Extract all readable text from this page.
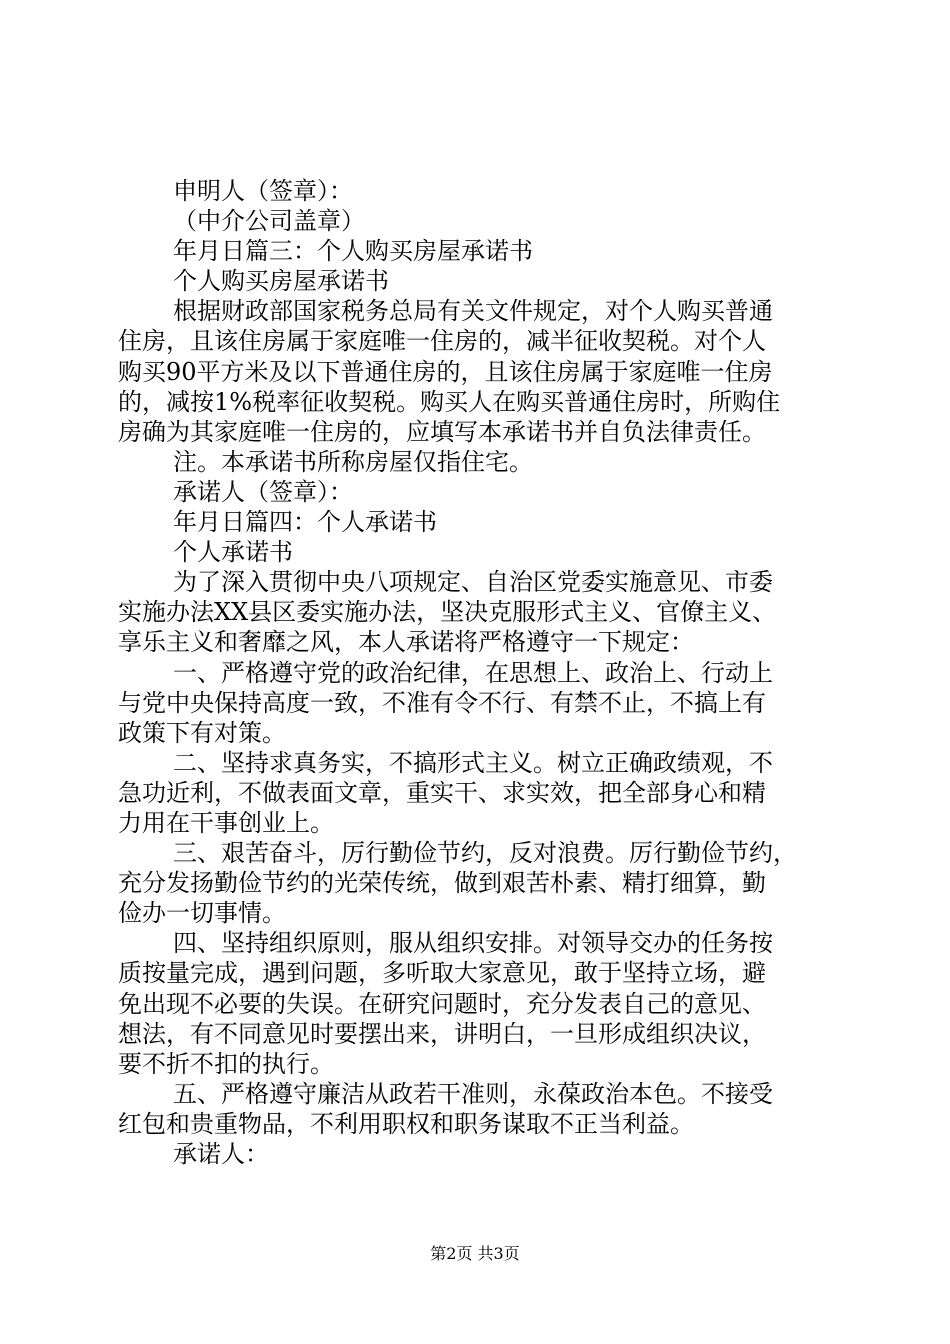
申明人（签章）：
（中介公司盖章）
年月日篇三：个人购买房屋承诺书
个人购买房屋承诺书
根据财政部国家税务总局有关文件规定，对个人购买普通
住房，且该住房属于家庭唯一住房的，减半征收契税。对个人
购买90平方米及以下普通住房的，且该住房属于家庭唯一住房
的，减按1%税率征收契税。购买人在购买普通住房时，所购住
房确为其家庭唯一住房的，应填写本承诺书并自负法律责任。
注。本承诺书所称房屋仅指住宅。
承诺人（签章）：
年月日篇四：个人承诺书
个人承诺书
为了深入贯彻中央八项规定、自治区党委实施意见、市委
实施办法XX县区委实施办法，坚决克服形式主义、官僚主义、
享乐主义和奢靡之风，本人承诺将严格遵守一下规定：
一、严格遵守党的政治纪律，在思想上、政治上、行动上
与党中央保持高度一致，不准有令不行、有禁不止，不搞上有
政策下有对策。
二、坚持求真务实，不搞形式主义。树立正确政绩观，不
急功近利，不做表面文章，重实干、求实效，把全部身心和精
力用在干事创业上。
三、艰苦奋斗，厉行勤俭节约，反对浪费。厉行勤俭节约，
充分发扬勤俭节约的光荣传统，做到艰苦朴素、精打细算，勤
俭办一切事情。
四、坚持组织原则，服从组织安排。对领导交办的任务按
质按量完成，遇到问题，多听取大家意见，敢于坚持立场，避
免出现不必要的失误。在研究问题时，充分发表自己的意见、
想法，有不同意见时要摆出来，讲明白，一旦形成组织决议，
要不折不扣的执行。
五、严格遵守廉洁从政若干准则，永葆政治本色。不接受
红包和贵重物品，不利用职权和职务谋取不正当利益。
承诺人：
第2页 共3页
